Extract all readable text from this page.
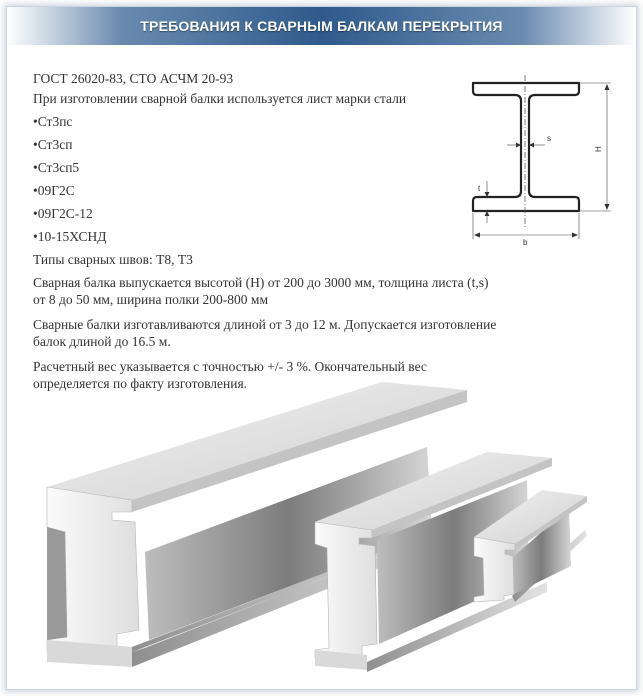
ТРЕБОВАНИЯ К СВАРНЫМ БАЛКАМ ПЕРЕКРЫТИЯ
ГОСТ 26020-83, СТО АСЧМ 20-93
При изготовлении сварной балки используется лист марки стали
•Ст3пс
•Ст3сп
•Ст3сп5
•09Г2С
•09Г2С-12
•10-15ХСНД
Типы сварных швов: Т8, Т3

Сварная балка выпускается высотой (Н) от 200 до 3000 мм, толщина листа (t,s) от 8 до 50 мм, ширина полки 200-800 мм

Сварные балки изготавливаются длиной от 3 до 12 м. Допускается изготовление балок длиной до 16.5 м.

Расчетный вес указывается с точностью +/- 3 %. Окончательный вес определяется по факту изготовления.

H
s
t
b
